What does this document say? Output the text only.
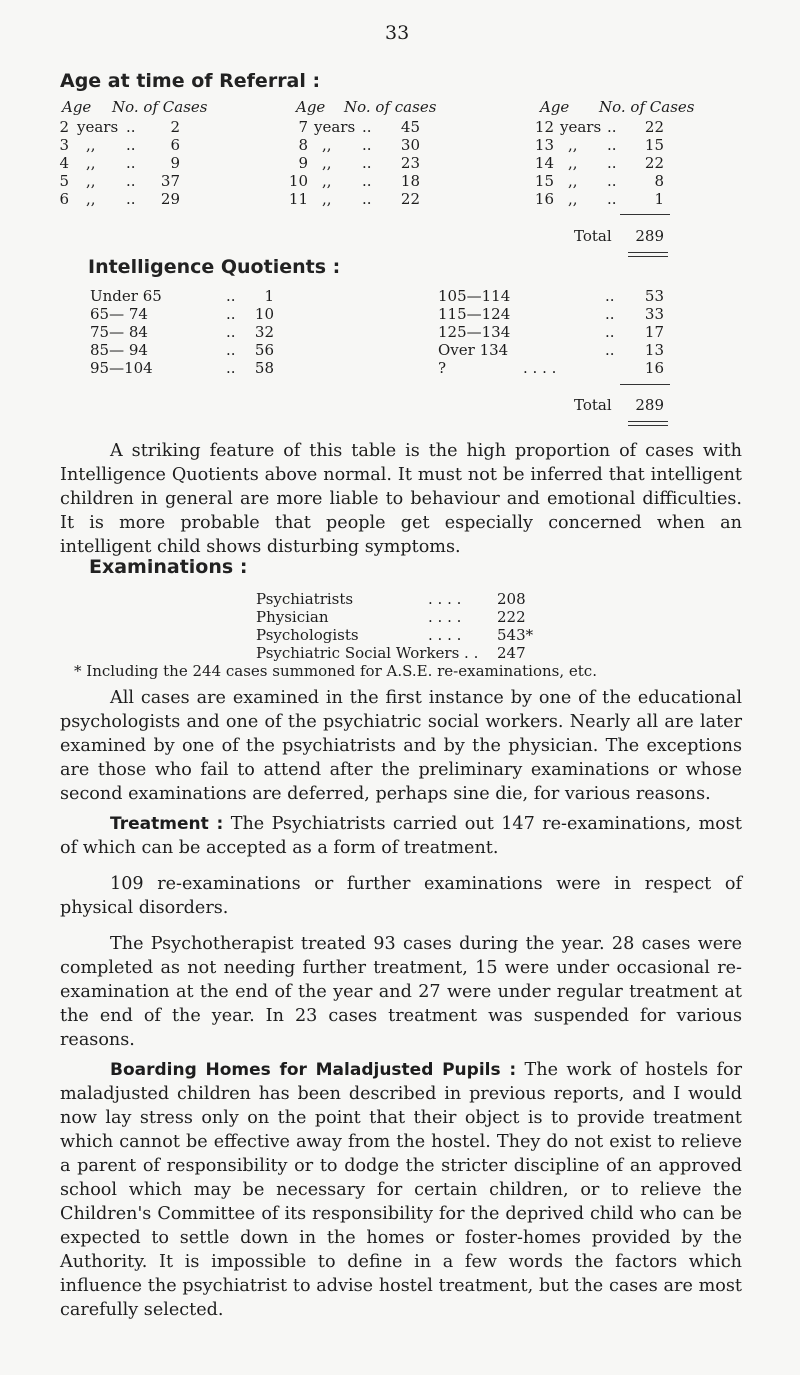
33
Age at time of Referral :
Age No. of Cases	Age No. of cases	Age No. of Cases
2 years ..	2
3 ,, ..	6
4 ,, ..	9
5 ,, ..	37
6 ,, ..	29
7 years ..	45
8 ,, ..	30
9 ,, ..	23
10 ,, ..	18
11 ,, ..	22
12 years ..	22
13 ,, ..	15
14 ,, ..	22
15 ,, ..	8
16 ,, ..	1
Total	289
Intelligence Quotients :
Under 65	..	1
65— 74	..	10
75— 84	..	32
85— 94	..	56
95—104	..	58
105—114	..	53
115—124	..	33
125—134	..	17
Over 134	..	13
?	. . . .	16
Total	289
A striking feature of this table is the high proportion of cases with Intelligence Quotients above normal. It must not be inferred that intelligent children in general are more liable to behaviour and emotional difficulties. It is more probable that people get especially concerned when an intelligent child shows disturbing symptoms.
Examinations :
Psychiatrists	. . . . 208
Physician	. . . . 222
Psychologists	. . . . 543*
Psychiatric Social Workers . . 247
* Including the 244 cases summoned for A.S.E. re-examinations, etc.
All cases are examined in the first instance by one of the educational psychologists and one of the psychiatric social workers. Nearly all are later examined by one of the psychiatrists and by the physician. The exceptions are those who fail to attend after the preliminary examinations or whose second examinations are deferred, perhaps sine die, for various reasons.
Treatment : The Psychiatrists carried out 147 re-examinations, most of which can be accepted as a form of treatment.
109 re-examinations or further examinations were in respect of physical disorders.
The Psychotherapist treated 93 cases during the year. 28 cases were completed as not needing further treatment, 15 were under occasional re-examination at the end of the year and 27 were under regular treatment at the end of the year. In 23 cases treatment was suspended for various reasons.
Boarding Homes for Maladjusted Pupils : The work of hostels for maladjusted children has been described in previous reports, and I would now lay stress only on the point that their object is to provide treatment which cannot be effective away from the hostel. They do not exist to relieve a parent of responsibility or to dodge the stricter discipline of an approved school which may be necessary for certain children, or to relieve the Children's Committee of its responsibility for the deprived child who can be expected to settle down in the homes or foster-homes provided by the Authority. It is impossible to define in a few words the factors which influence the psychiatrist to advise hostel treatment, but the cases are most carefully selected.
